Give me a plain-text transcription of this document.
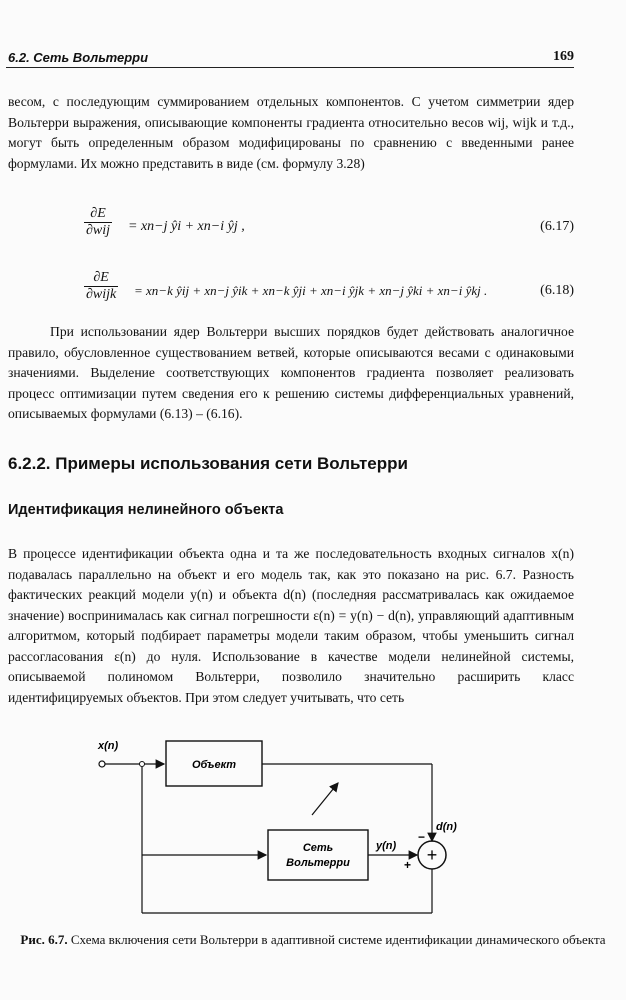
6.2. Сеть Вольтерри	169
весом, с последующим суммированием отдельных компонентов. С учетом симметрии ядер Вольтерри выражения, описывающие компоненты градиента относительно весов wij, wijk и т.д., могут быть определенным образом модифицированы по сравнению с введенными ранее формулами. Их можно представить в виде (см. формулу 3.28)
∂E
∂wij = xn−j ŷi + xn−i ŷj ,	(6.17)
∂E
∂wijk = xn−k ŷij + xn−j ŷik + xn−k ŷji + xn−i ŷjk + xn−j ŷki + xn−i ŷkj .	(6.18)
При использовании ядер Вольтерри высших порядков будет действовать аналогичное правило, обусловленное существованием ветвей, которые описываются весами с одинаковыми значениями. Выделение соответствующих компонентов градиента позволяет реализовать процесс оптимизации путем сведения его к решению системы дифференциальных уравнений, описываемых формулами (6.13) – (6.16).
6.2.2. Примеры использования сети Вольтерри
Идентификация нелинейного объекта
В процессе идентификации объекта одна и та же последовательность входных сигналов x(n) подавалась параллельно на объект и его модель так, как это показано на рис. 6.7. Разность фактических реакций модели y(n) и объекта d(n) (последняя рассматривалась как ожидаемое значение) воспринималась как сигнал погрешности ε(n) = y(n) − d(n), управляющий адаптивным алгоритмом, который подбирает параметры модели таким образом, чтобы уменьшить сигнал рассогласования ε(n) до нуля. Использование в качестве модели нелинейной системы, описываемой полиномом Вольтерри, позволило значительно расширить класс идентифицируемых объектов. При этом следует учитывать, что сеть
x(n)
Объект
d(n)
−
Сеть
Вольтерри
y(n)
+ +
Рис. 6.7. Схема включения сети Вольтерри в адаптивной системе идентификации динамического объекта
